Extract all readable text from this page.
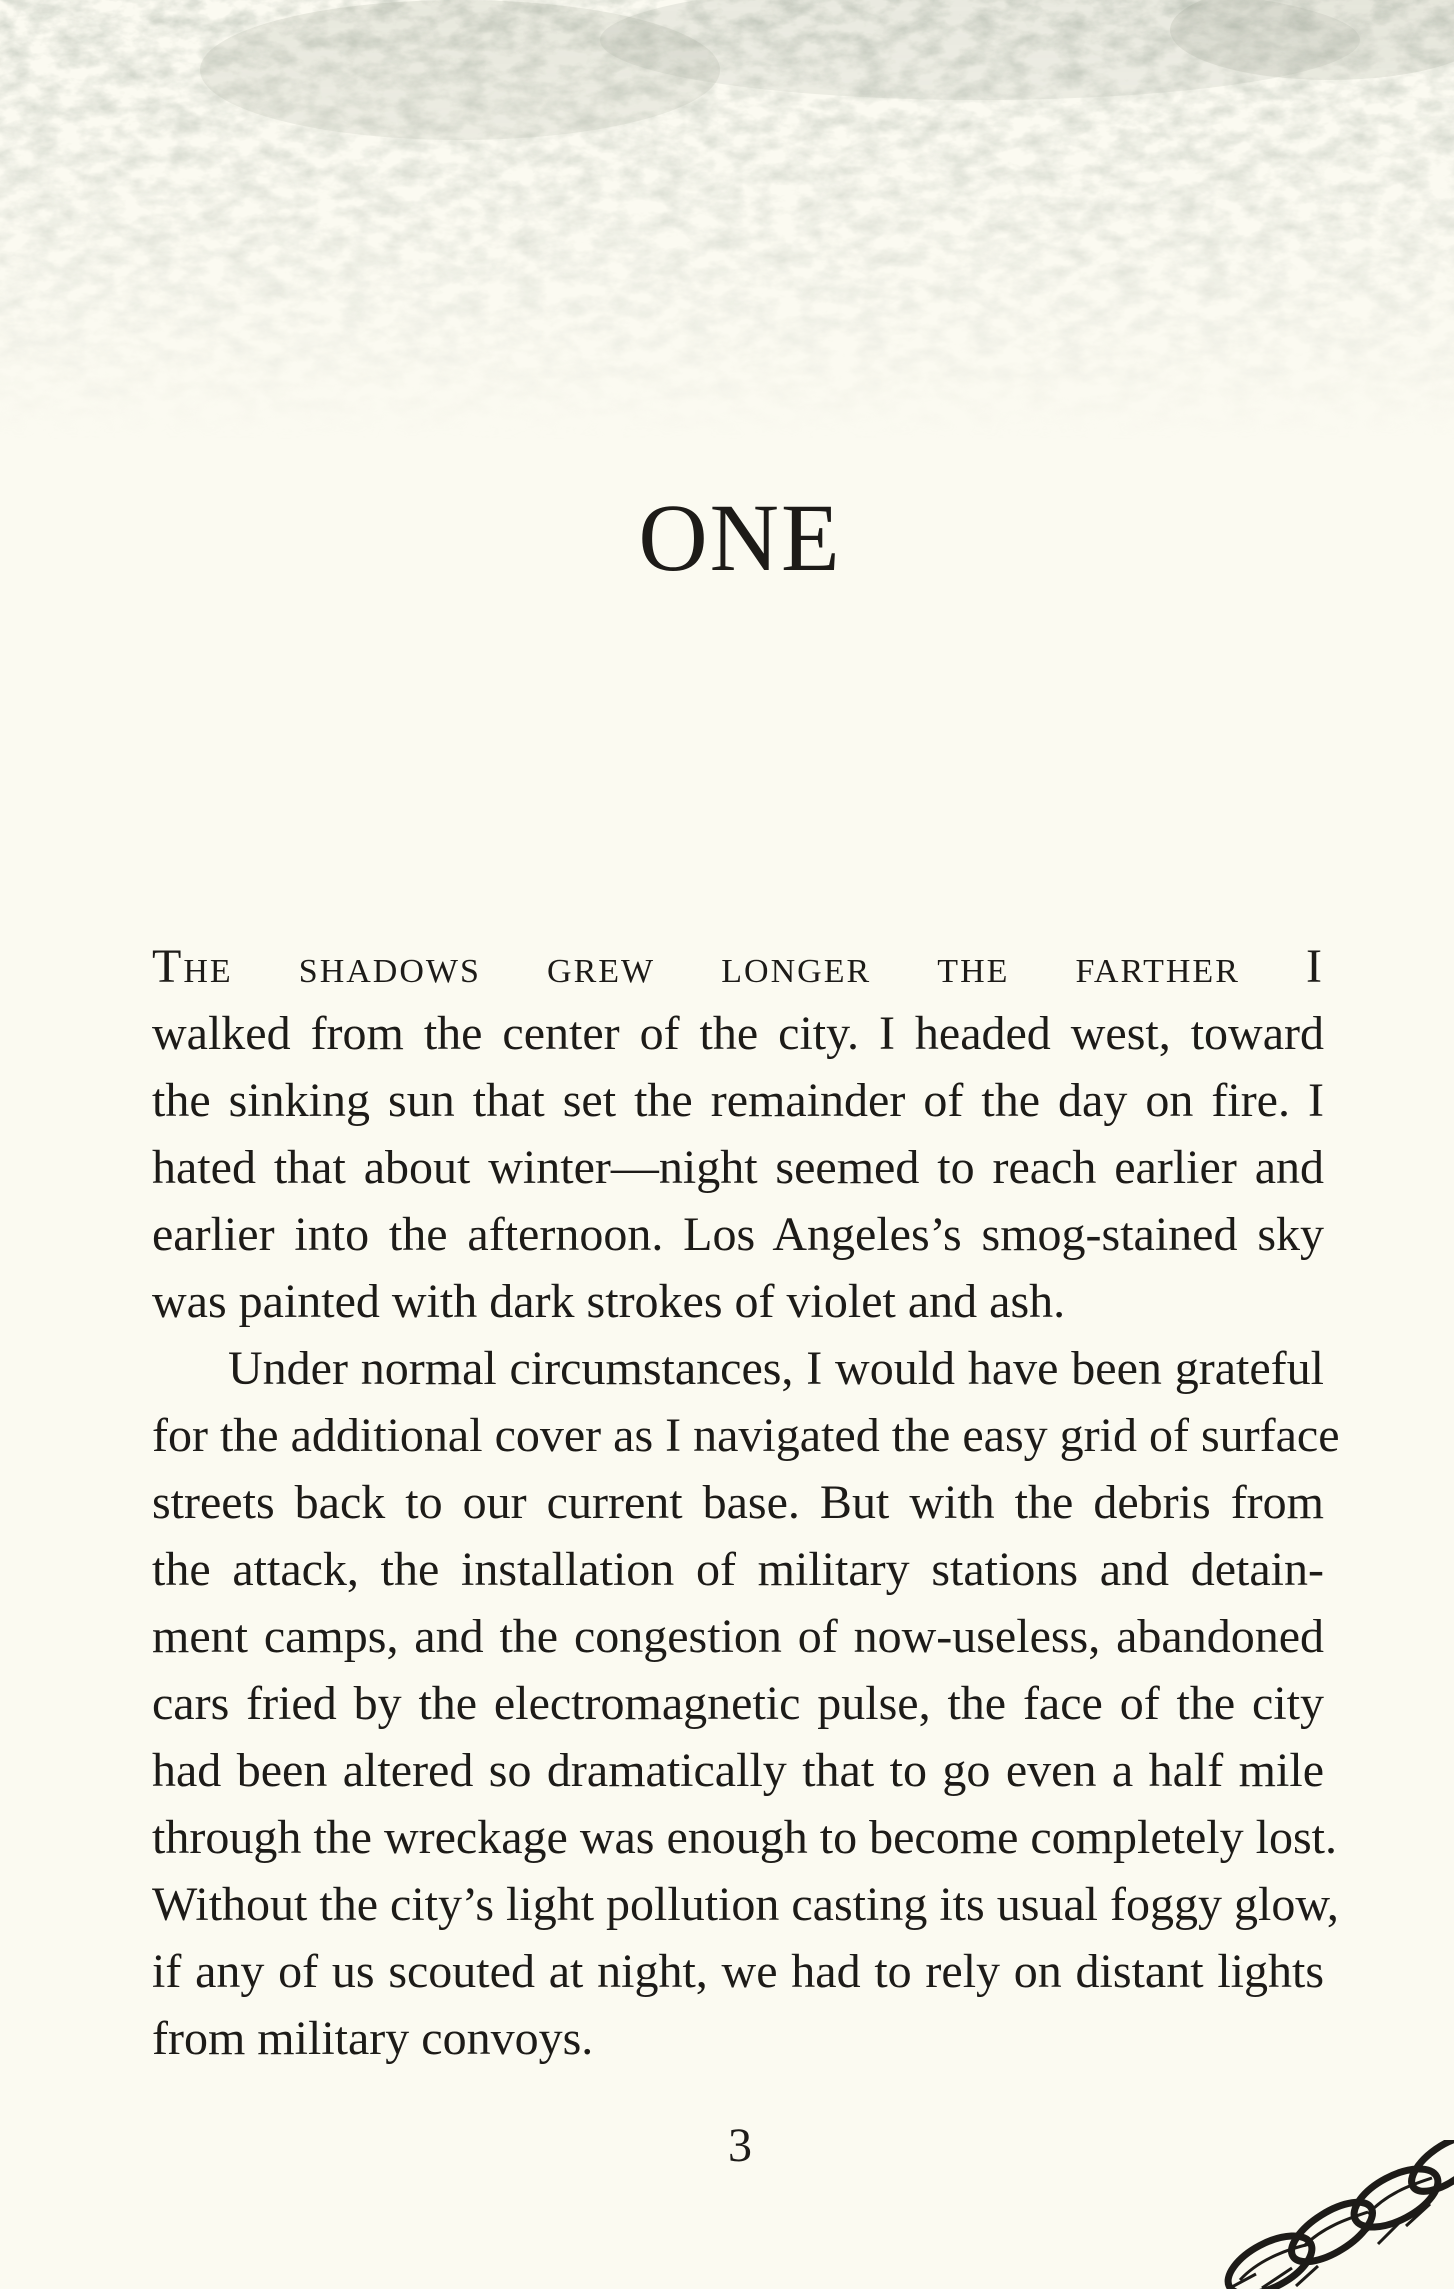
ONE
The shadows grew longer the farther I
walked from the center of the city. I headed west, toward
the sinking sun that set the remainder of the day on fire. I
hated that about winter—night seemed to reach earlier and
earlier into the afternoon. Los Angeles’s smog-stained sky
was painted with dark strokes of violet and ash.
Under normal circumstances, I would have been grateful
for the additional cover as I navigated the easy grid of surface
streets back to our current base. But with the debris from
the attack, the installation of military stations and detain-
ment camps, and the congestion of now-useless, abandoned
cars fried by the electromagnetic pulse, the face of the city
had been altered so dramatically that to go even a half mile
through the wreckage was enough to become completely lost.
Without the city’s light pollution casting its usual foggy glow,
if any of us scouted at night, we had to rely on distant lights
from military convoys.
3
